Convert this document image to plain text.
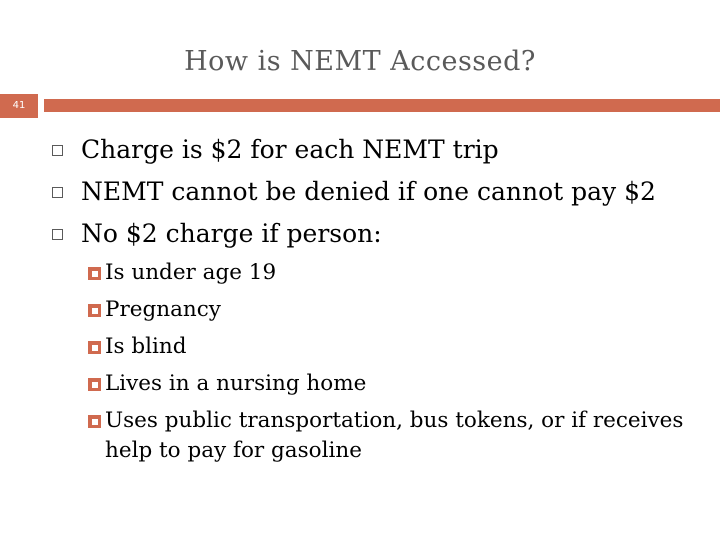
How is NEMT Accessed?
41
Charge is $2 for each NEMT trip
NEMT cannot be denied if one cannot pay $2
No $2 charge if person:
Is under age 19
Pregnancy
Is blind
Lives in a nursing home
Uses public transportation, bus tokens, or if receives help to pay for gasoline
